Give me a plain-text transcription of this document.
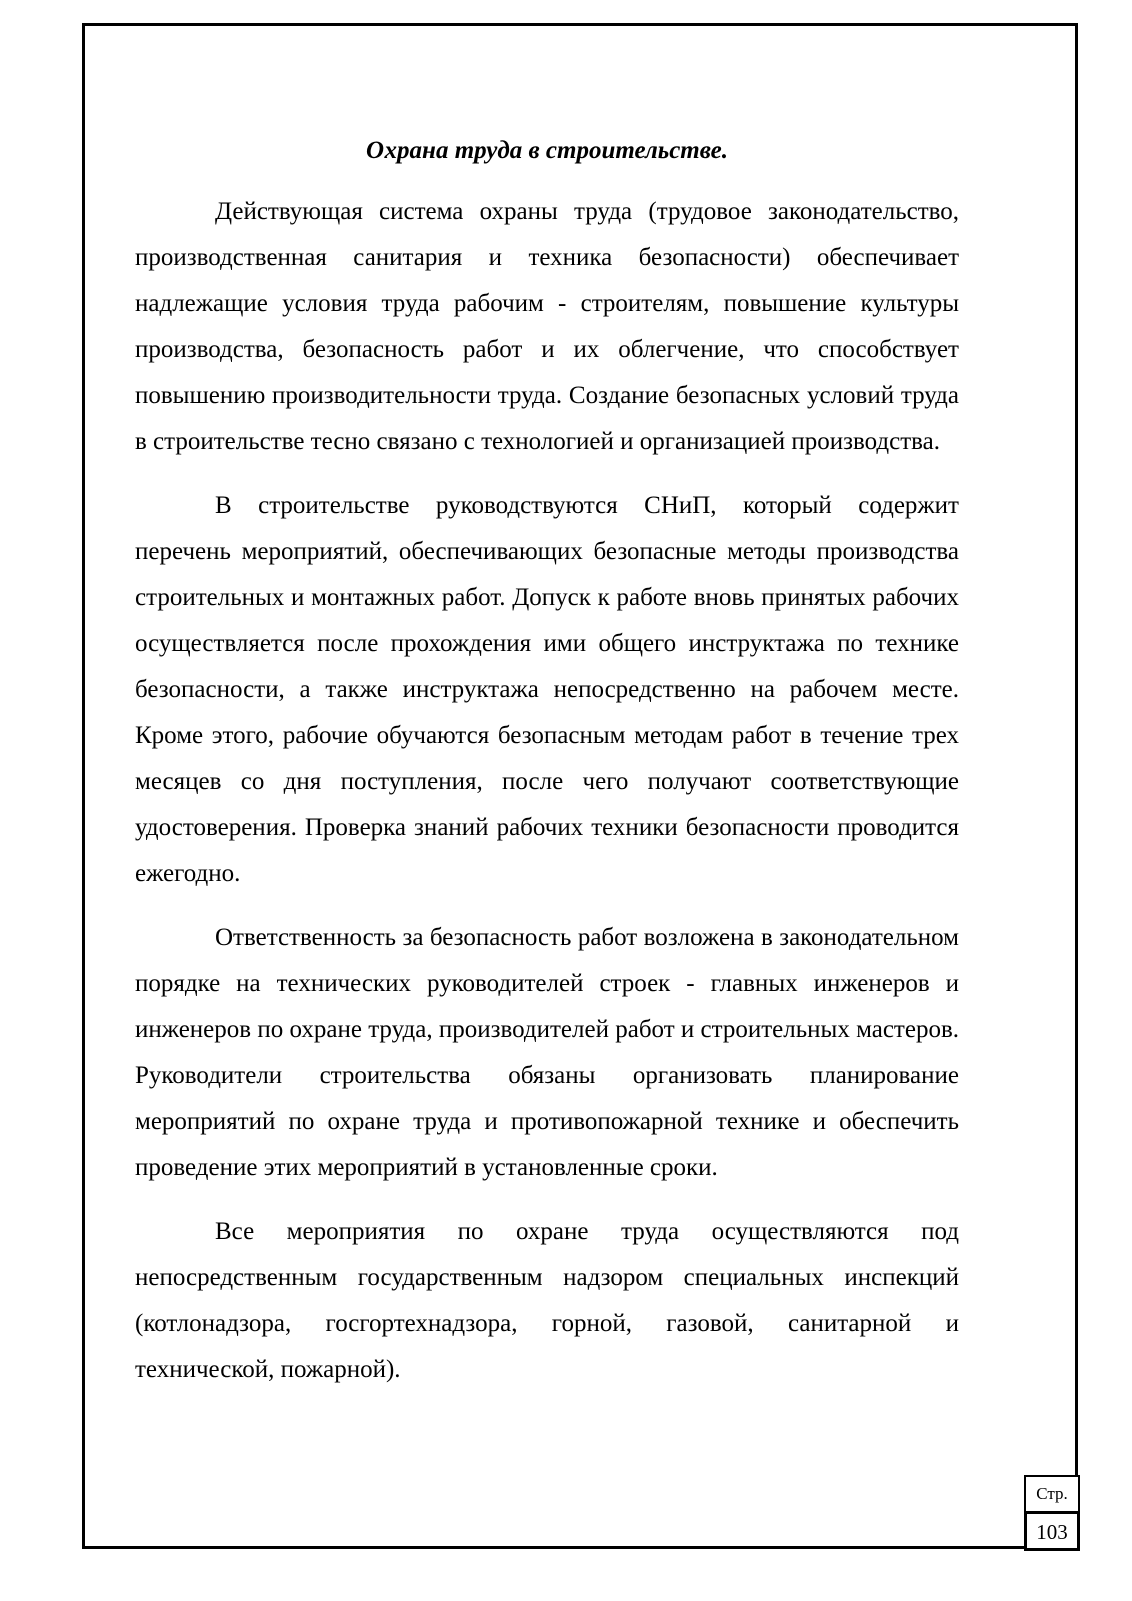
Охрана труда в строительстве.

Действующая система охраны труда (трудовое законодательство, производственная санитария и техника безопасности) обеспечивает надлежащие условия труда рабочим - строителям, повышение культуры производства, безопасность работ и их облегчение, что способствует повышению производительности труда. Создание безопасных условий труда в строительстве тесно связано с технологией и организацией производства.

В строительстве руководствуются СНиП, который содержит перечень мероприятий, обеспечивающих безопасные методы производства строительных и монтажных работ. Допуск к работе вновь принятых рабочих осуществляется после прохождения ими общего инструктажа по технике безопасности, а также инструктажа непосредственно на рабочем месте. Кроме этого, рабочие обучаются безопасным методам работ в течение трех месяцев со дня поступления, после чего получают соответствующие удостоверения. Проверка знаний рабочих техники безопасности проводится ежегодно.

Ответственность за безопасность работ возложена в законодательном порядке на технических руководителей строек - главных инженеров и инженеров по охране труда, производителей работ и строительных мастеров. Руководители строительства обязаны организовать планирование мероприятий по охране труда и противопожарной технике и обеспечить проведение этих мероприятий в установленные сроки.

Все мероприятия по охране труда осуществляются под непосредственным государственным надзором специальных инспекций (котлонадзора, госгортехнадзора, горной, газовой, санитарной и технической, пожарной).

Стр.
103
